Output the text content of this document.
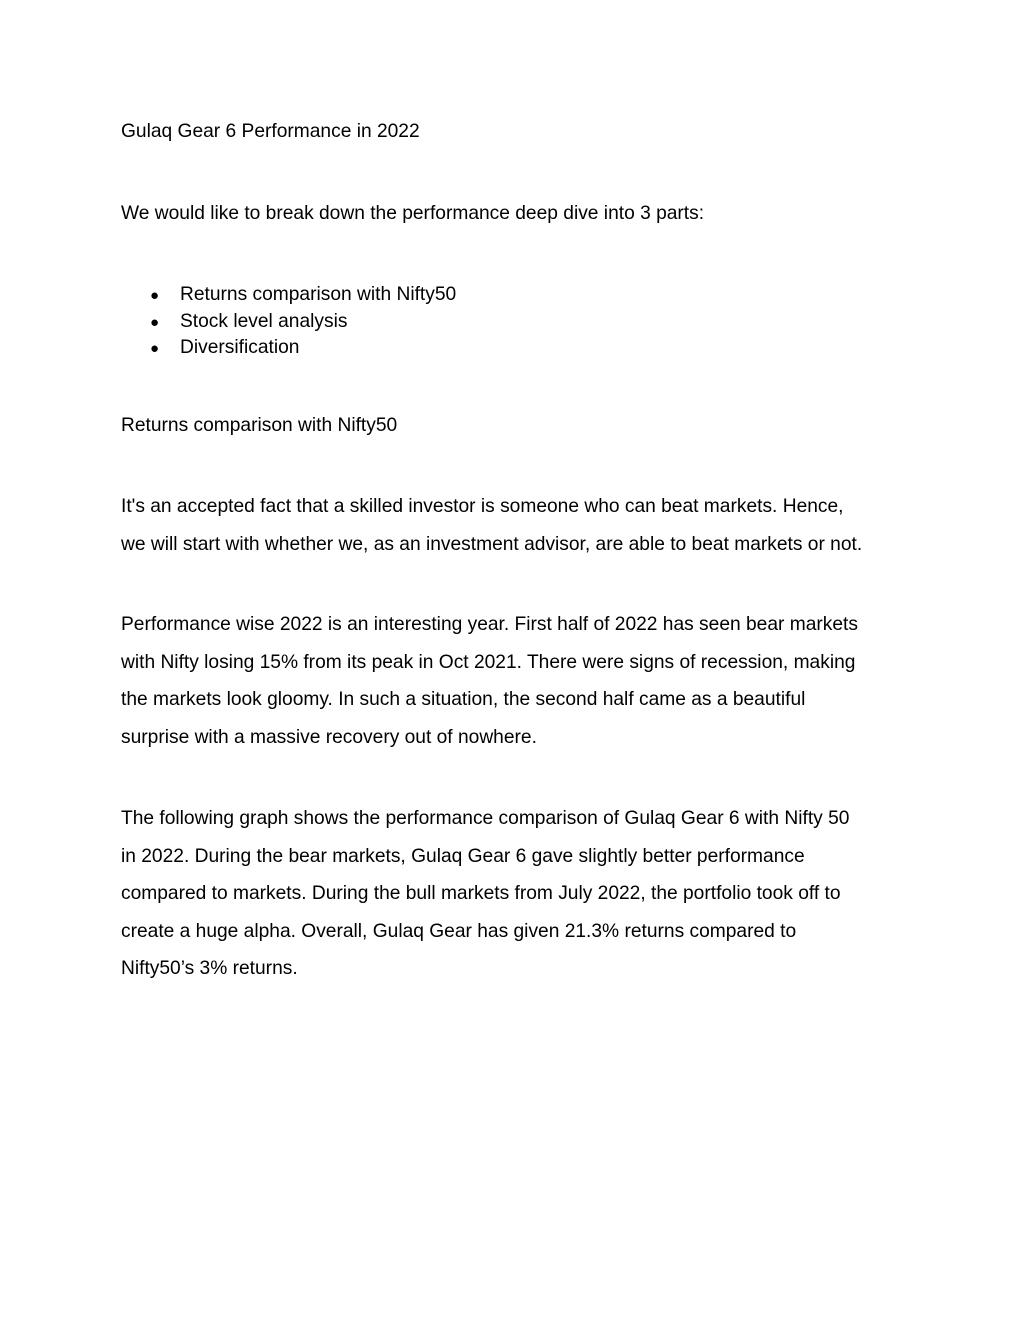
Gulaq Gear 6 Performance in 2022

We would like to break down the performance deep dive into 3 parts:

● Returns comparison with Nifty50
● Stock level analysis
● Diversification

Returns comparison with Nifty50

It's an accepted fact that a skilled investor is someone who can beat markets. Hence,
we will start with whether we, as an investment advisor, are able to beat markets or not.

Performance wise 2022 is an interesting year. First half of 2022 has seen bear markets
with Nifty losing 15% from its peak in Oct 2021. There were signs of recession, making
the markets look gloomy. In such a situation, the second half came as a beautiful
surprise with a massive recovery out of nowhere.

The following graph shows the performance comparison of Gulaq Gear 6 with Nifty 50
in 2022. During the bear markets, Gulaq Gear 6 gave slightly better performance
compared to markets. During the bull markets from July 2022, the portfolio took off to
create a huge alpha. Overall, Gulaq Gear has given 21.3% returns compared to
Nifty50’s 3% returns.
